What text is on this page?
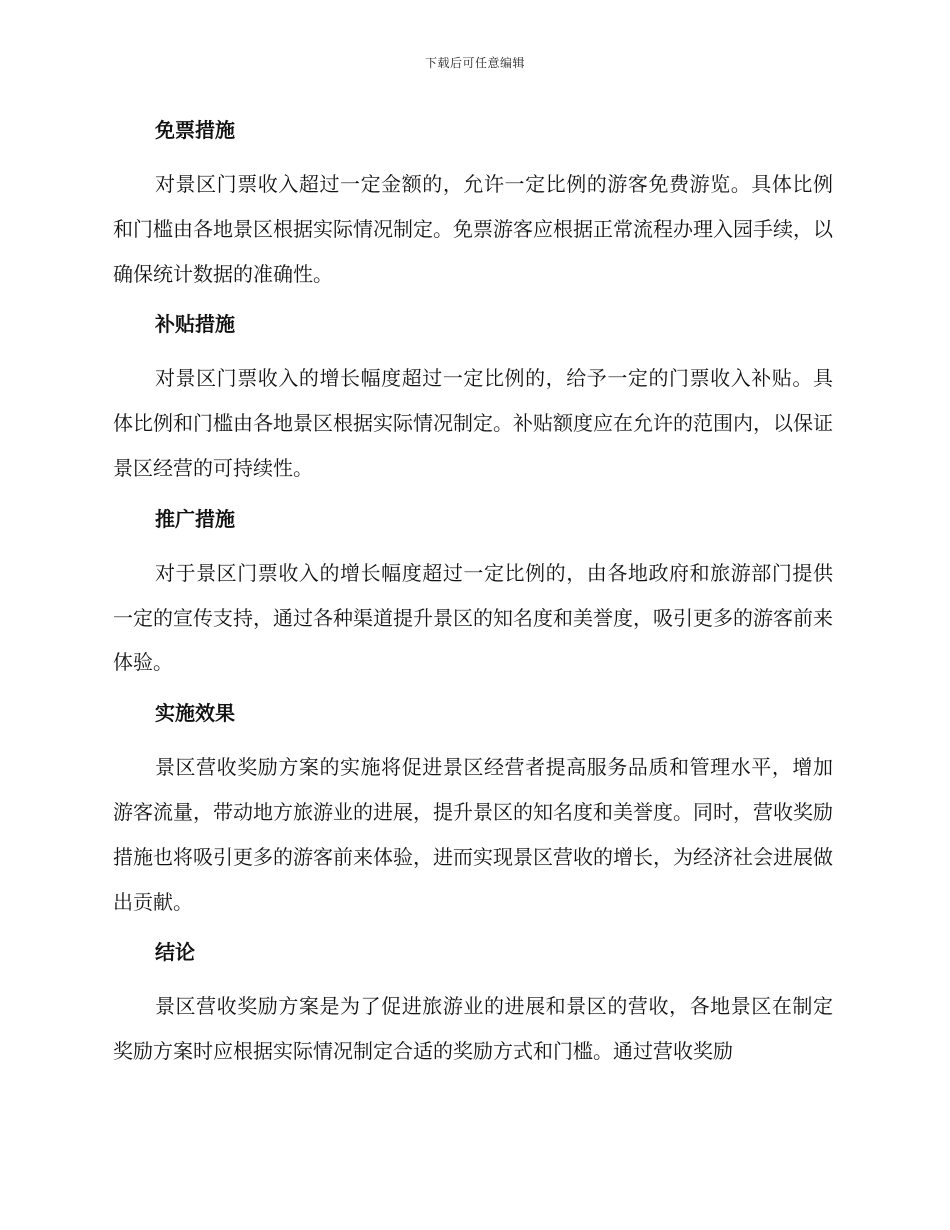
下载后可任意编辑
免票措施

对景区门票收入超过一定金额的，允许一定比例的游客免费游览。具体比例和门槛由各地景区根据实际情况制定。免票游客应根据正常流程办理入园手续，以确保统计数据的准确性。

补贴措施

对景区门票收入的增长幅度超过一定比例的，给予一定的门票收入补贴。具体比例和门槛由各地景区根据实际情况制定。补贴额度应在允许的范围内，以保证景区经营的可持续性。

推广措施

对于景区门票收入的增长幅度超过一定比例的，由各地政府和旅游部门提供一定的宣传支持，通过各种渠道提升景区的知名度和美誉度，吸引更多的游客前来体验。

实施效果

景区营收奖励方案的实施将促进景区经营者提高服务品质和管理水平，增加游客流量，带动地方旅游业的进展，提升景区的知名度和美誉度。同时，营收奖励措施也将吸引更多的游客前来体验，进而实现景区营收的增长，为经济社会进展做出贡献。

结论

景区营收奖励方案是为了促进旅游业的进展和景区的营收，各地景区在制定奖励方案时应根据实际情况制定合适的奖励方式和门槛。通过营收奖励
